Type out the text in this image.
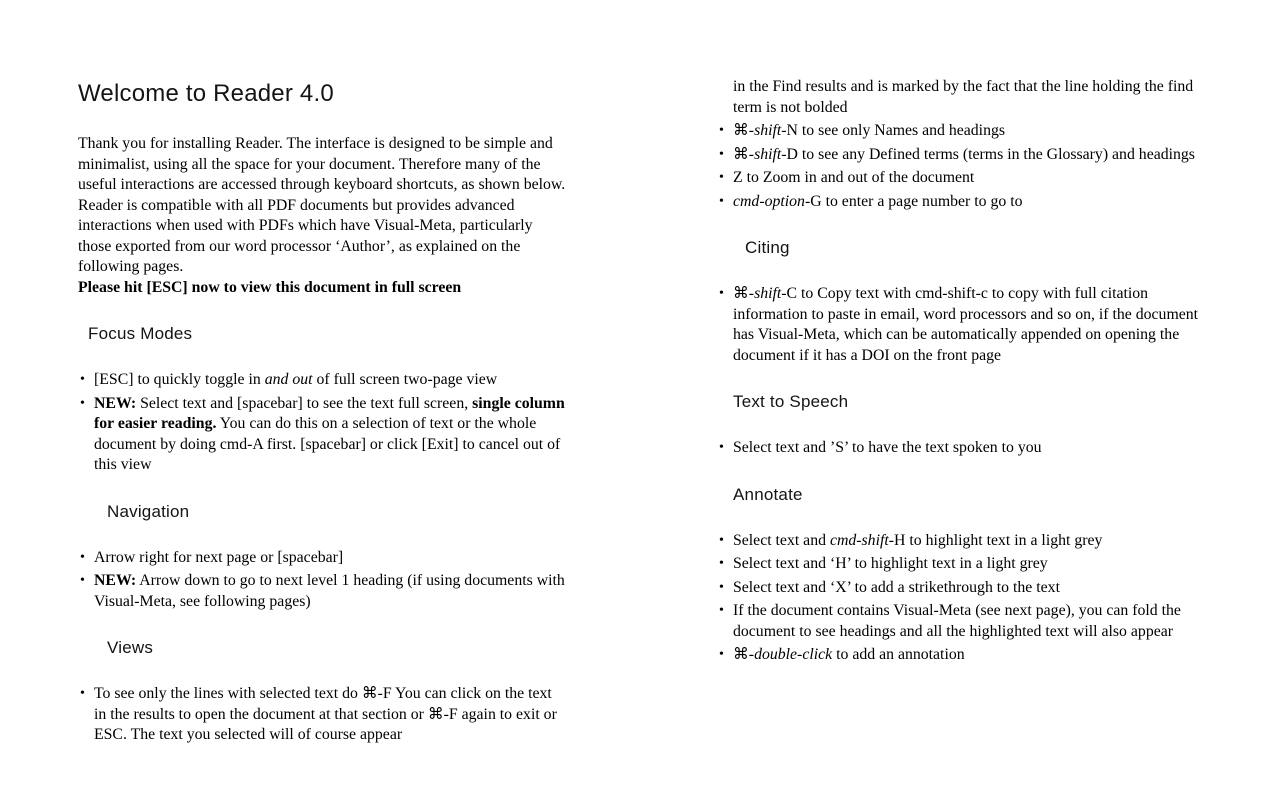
Welcome to Reader 4.0

Thank you for installing Reader. The interface is designed to be simple and minimalist, using all the space for your document. Therefore many of the useful interactions are accessed through keyboard shortcuts, as shown below. Reader is compatible with all PDF documents but provides advanced interactions when used with PDFs which have Visual-Meta, particularly those exported from our word processor ‘Author’, as explained on the following pages.
Please hit [ESC] now to view this document in full screen

Focus Modes
• [ESC] to quickly toggle in and out of full screen two-page view
• NEW: Select text and [spacebar] to see the text full screen, single column for easier reading. You can do this on a selection of text or the whole document by doing cmd-A first. [spacebar] or click [Exit] to cancel out of this view
Navigation
• Arrow right for next page or [spacebar]
• NEW: Arrow down to go to next level 1 heading (if using documents with Visual-Meta, see following pages)
Views
• To see only the lines with selected text do ⌘-F You can click on the text in the results to open the document at that section or ⌘-F again to exit or ESC. The text you selected will of course appear
in the Find results and is marked by the fact that the line holding the find term is not bolded
• ⌘-shift-N to see only Names and headings
• ⌘-shift-D to see any Defined terms (terms in the Glossary) and headings
• Z to Zoom in and out of the document
• cmd-option-G to enter a page number to go to
Citing
• ⌘-shift-C to Copy text with cmd-shift-c to copy with full citation information to paste in email, word processors and so on, if the document has Visual-Meta, which can be automatically appended on opening the document if it has a DOI on the front page
Text to Speech
• Select text and ’S’ to have the text spoken to you
Annotate
• Select text and cmd-shift-H to highlight text in a light grey
• Select text and ‘H’ to highlight text in a light grey
• Select text and ‘X’ to add a strikethrough to the text
• If the document contains Visual-Meta (see next page), you can fold the document to see headings and all the highlighted text will also appear
• ⌘-double-click to add an annotation
